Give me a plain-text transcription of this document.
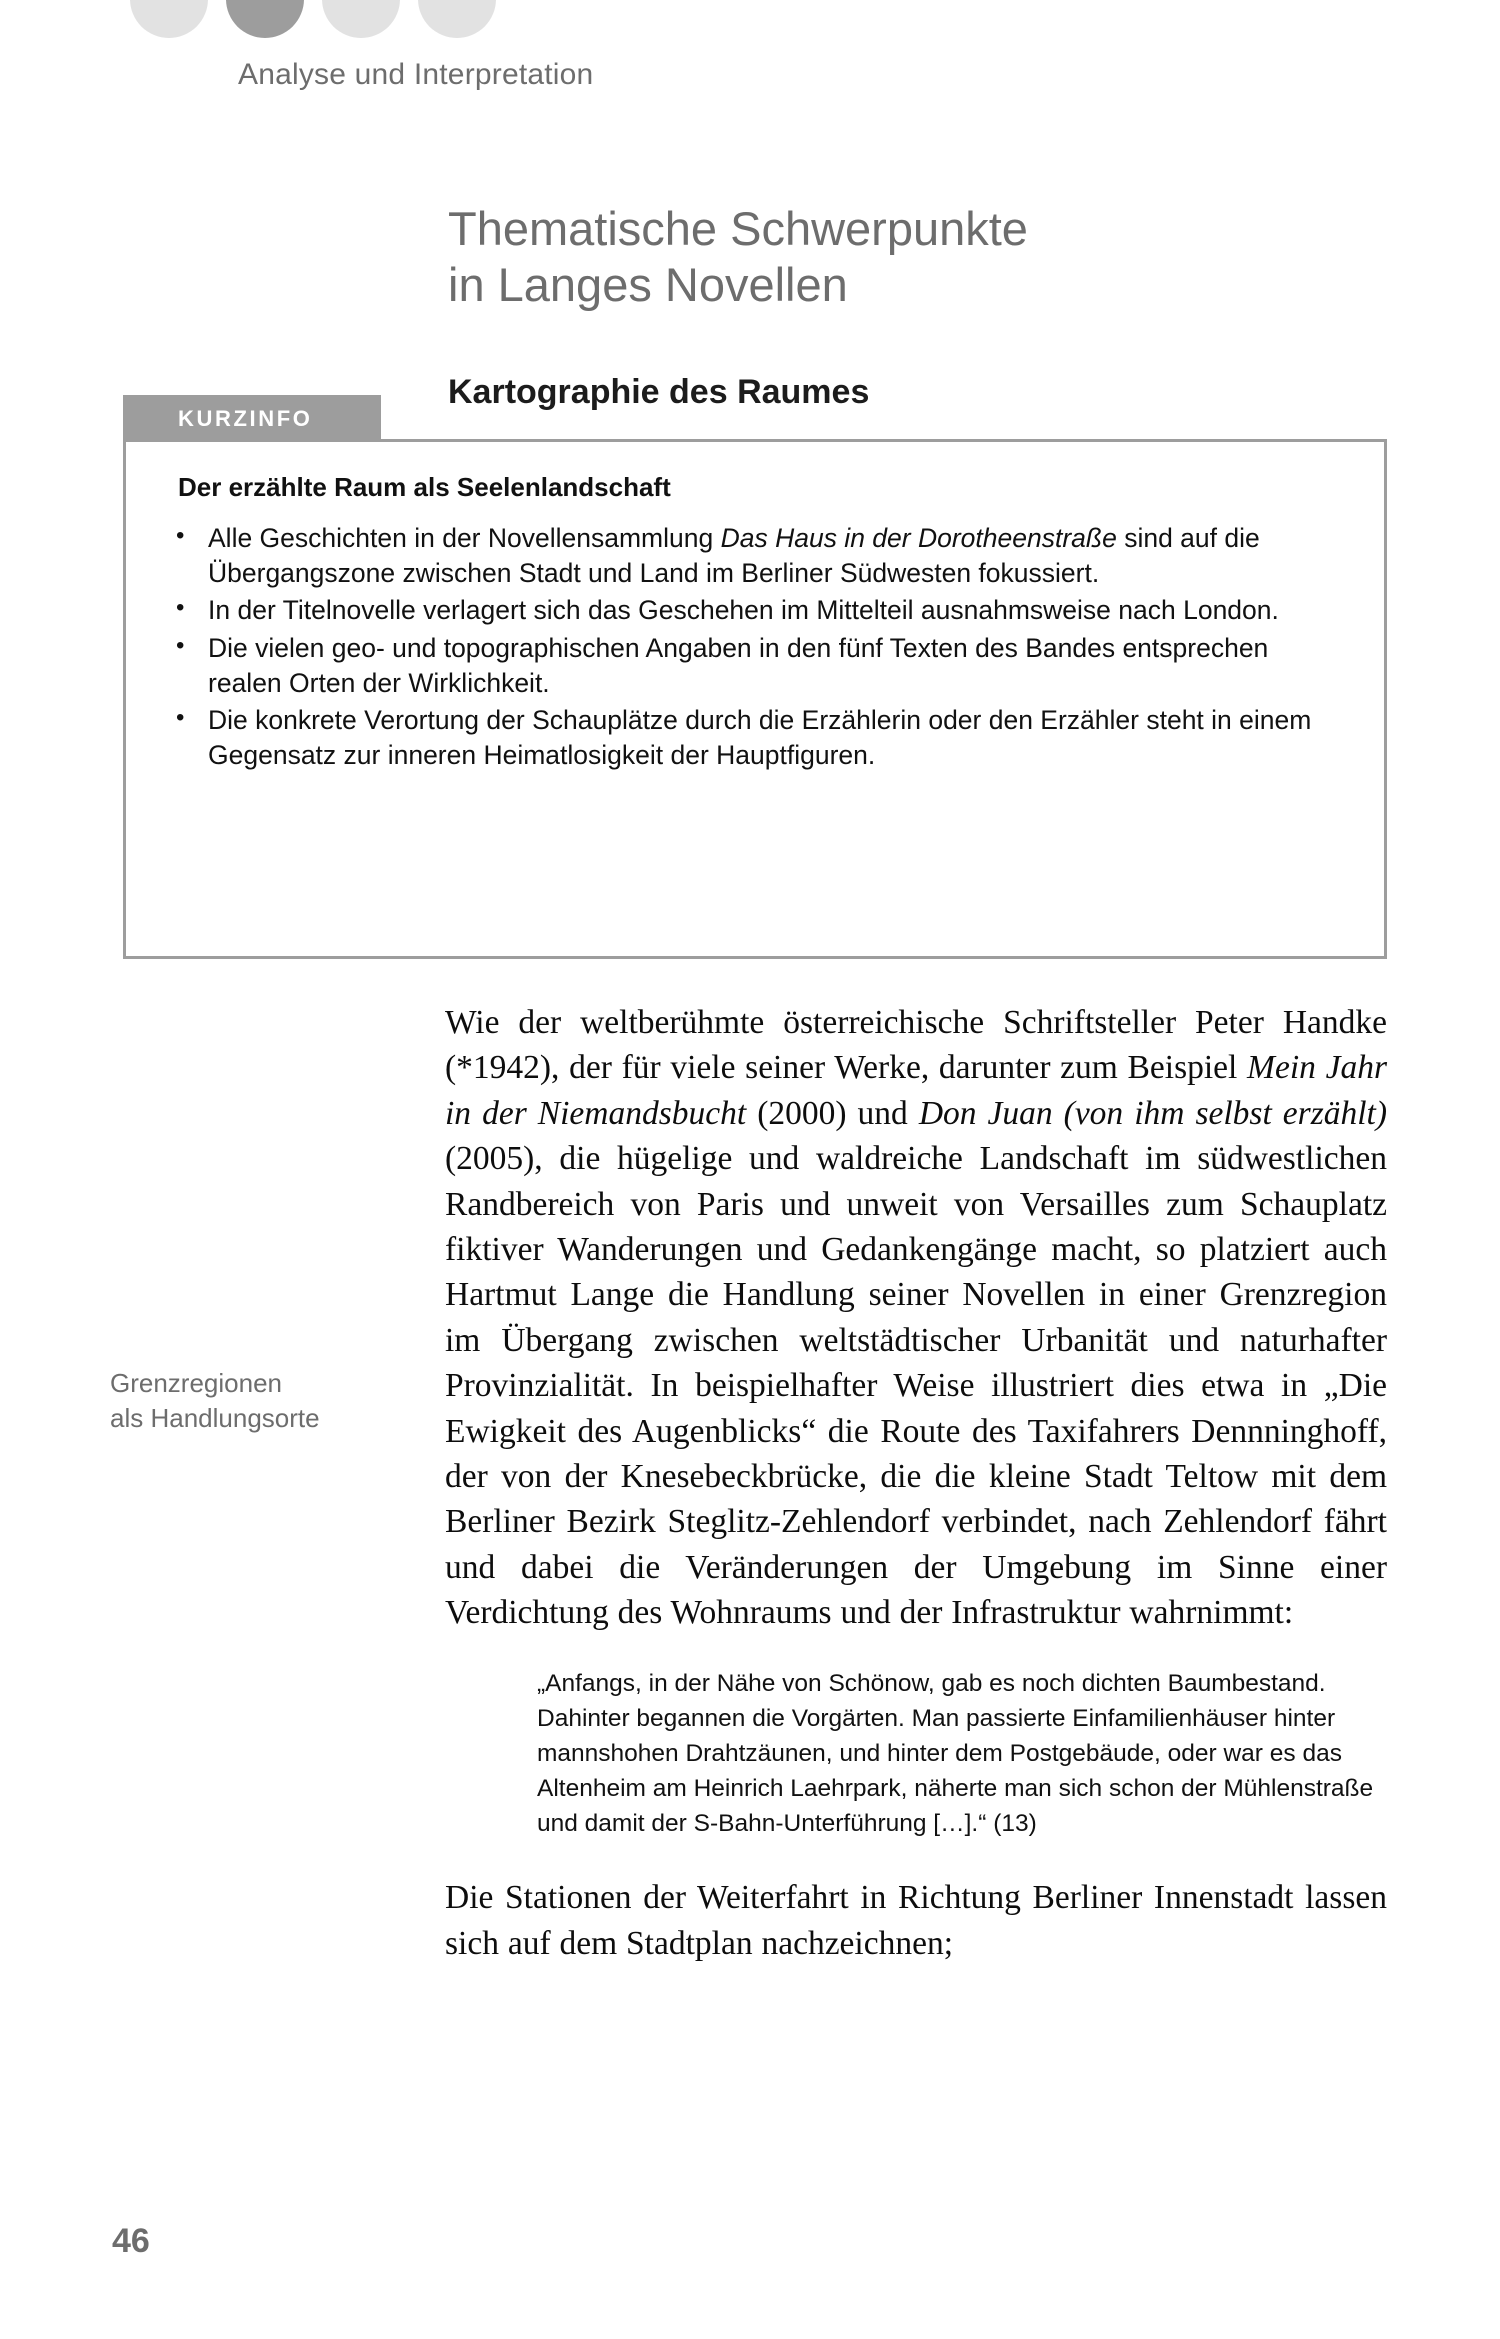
Analyse und Interpretation
Thematische Schwerpunkte
in Langes Novellen
Kartographie des Raumes
KURZINFO
Der erzählte Raum als Seelenlandschaft
• Alle Geschichten in der Novellensammlung Das Haus in der Dorotheenstraße sind auf die Übergangszone zwischen Stadt und Land im Berliner Südwesten fokussiert.
• In der Titelnovelle verlagert sich das Geschehen im Mittelteil ausnahmsweise nach London.
• Die vielen geo- und topographischen Angaben in den fünf Texten des Bandes entsprechen realen Orten der Wirklichkeit.
• Die konkrete Verortung der Schauplätze durch die Erzählerin oder den Erzähler steht in einem Gegensatz zur inneren Heimatlosigkeit der Hauptfiguren.
Grenzregionen
als Handlungsorte

Wie der weltberühmte österreichische Schriftsteller Peter Handke (*1942), der für viele seiner Werke, darunter zum Beispiel Mein Jahr in der Niemandsbucht (2000) und Don Juan (von ihm selbst erzählt) (2005), die hügelige und waldreiche Landschaft im südwestlichen Randbereich von Paris und unweit von Versailles zum Schauplatz fiktiver Wanderungen und Gedankengänge macht, so platziert auch Hartmut Lange die Handlung seiner Novellen in einer Grenzregion im Übergang zwischen weltstädtischer Urbanität und naturhafter Provinzialität. In beispielhafter Weise illustriert dies etwa in „Die Ewigkeit des Augenblicks“ die Route des Taxifahrers Dennninghoff, der von der Knesebeckbrücke, die die kleine Stadt Teltow mit dem Berliner Bezirk Steglitz-Zehlendorf verbindet, nach Zehlendorf fährt und dabei die Veränderungen der Umgebung im Sinne einer Verdichtung des Wohnraums und der Infrastruktur wahrnimmt:

„Anfangs, in der Nähe von Schönow, gab es noch dichten Baumbestand. Dahinter begannen die Vorgärten. Man passierte Einfamilienhäuser hinter mannshohen Drahtzäunen, und hinter dem Postgebäude, oder war es das Altenheim am Heinrich Laehrpark, näherte man sich schon der Mühlenstraße und damit der S-Bahn-Unterführung […].“ (13)

Die Stationen der Weiterfahrt in Richtung Berliner Innenstadt lassen sich auf dem Stadtplan nachzeichnen;

46
